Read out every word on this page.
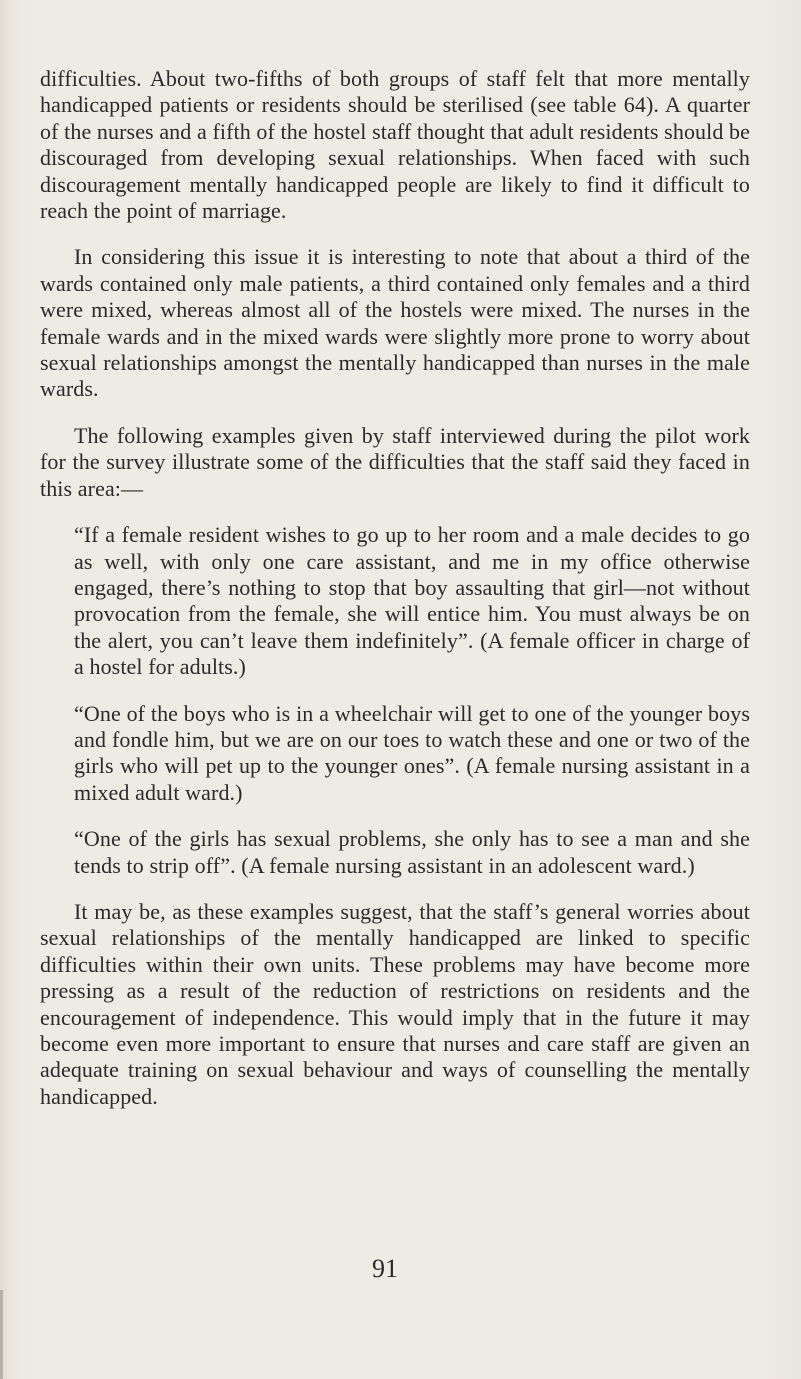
difficulties. About two-fifths of both groups of staff felt that more mentally handicapped patients or residents should be sterilised (see table 64). A quarter of the nurses and a fifth of the hostel staff thought that adult residents should be discouraged from developing sexual relationships. When faced with such discouragement mentally handicapped people are likely to find it difficult to reach the point of marriage.

In considering this issue it is interesting to note that about a third of the wards contained only male patients, a third contained only females and a third were mixed, whereas almost all of the hostels were mixed. The nurses in the female wards and in the mixed wards were slightly more prone to worry about sexual relationships amongst the mentally handicapped than nurses in the male wards.

The following examples given by staff interviewed during the pilot work for the survey illustrate some of the difficulties that the staff said they faced in this area:—

“If a female resident wishes to go up to her room and a male decides to go as well, with only one care assistant, and me in my office otherwise engaged, there’s nothing to stop that boy assaulting that girl—not without provocation from the female, she will entice him. You must always be on the alert, you can’t leave them indefinitely”. (A female officer in charge of a hostel for adults.)

“One of the boys who is in a wheelchair will get to one of the younger boys and fondle him, but we are on our toes to watch these and one or two of the girls who will pet up to the younger ones”. (A female nursing assistant in a mixed adult ward.)

“One of the girls has sexual problems, she only has to see a man and she tends to strip off”. (A female nursing assistant in an adolescent ward.)

It may be, as these examples suggest, that the staff’s general worries about sexual relationships of the mentally handicapped are linked to specific difficulties within their own units. These problems may have become more pressing as a result of the reduction of restrictions on residents and the encouragement of independence. This would imply that in the future it may become even more important to ensure that nurses and care staff are given an adequate training on sexual behaviour and ways of counselling the mentally handicapped.

91
